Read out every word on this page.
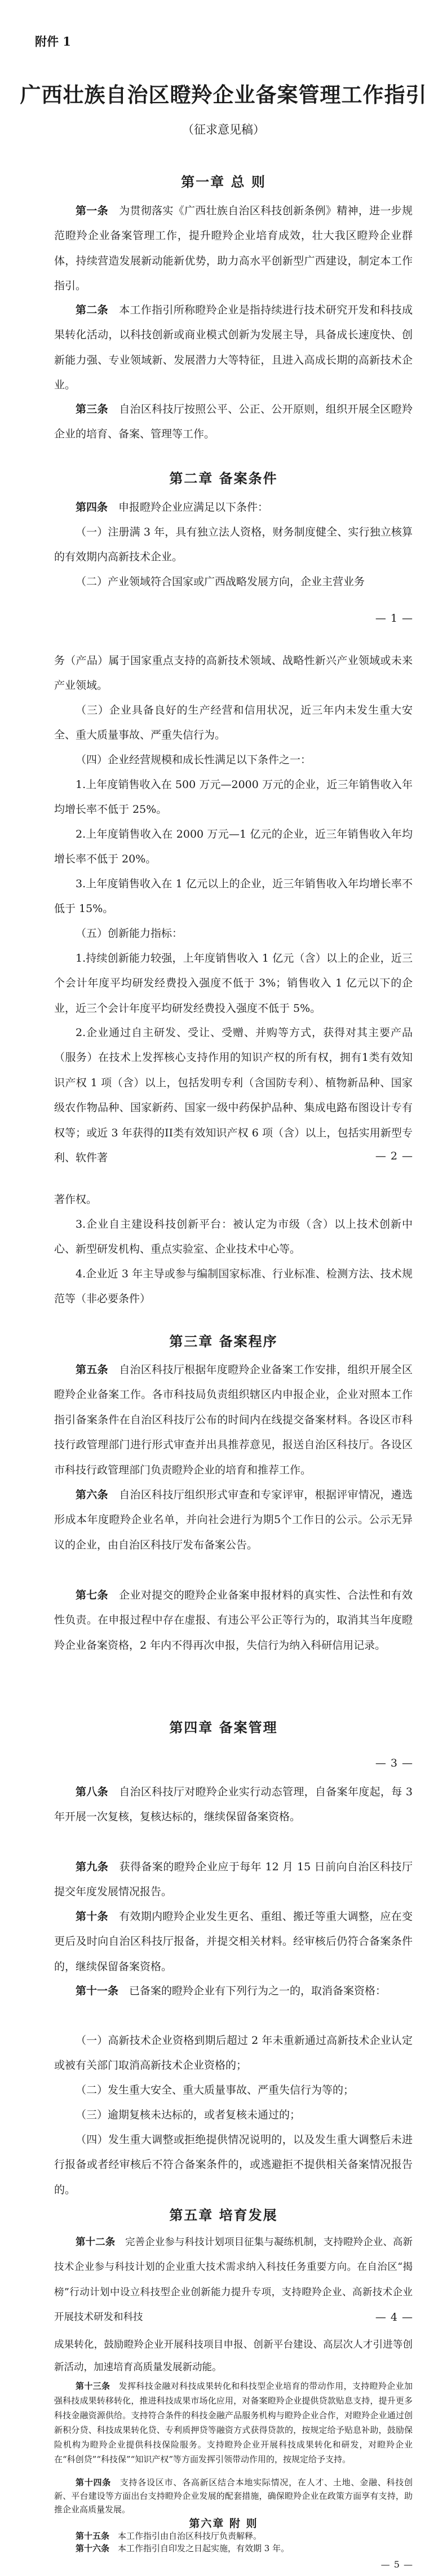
附件 1
广西壮族自治区瞪羚企业备案管理工作指引
（征求意见稿）
第一章 总 则

第一条　 为贯彻落实《广西壮族自治区科技创新条例》精神，进一步规范瞪羚企业备案管理工作，提升瞪羚企业培育成效，壮大我区瞪羚企业群体，持续营造发展新动能新优势，助力高水平创新型广西建设，制定本工作指引。

第二条　 本工作指引所称瞪羚企业是指持续进行技术研究开发和科技成果转化活动，以科技创新或商业模式创新为发展主导，具备成长速度快、创新能力强、专业领域新、发展潜力大等特征，且进入高成长期的高新技术企业。

第三条　 自治区科技厅按照公平、公正、公开原则，组织开展全区瞪羚企业的培育、备案、管理等工作。

第二章 备案条件

第四条　 申报瞪羚企业应满足以下条件：

（一）注册满 3 年，具有独立法人资格，财务制度健全、实行独立核算的有效期内高新技术企业。

（二）产业领域符合国家或广西战略发展方向，企业主营业务

— 1 —

务（产品）属于国家重点支持的高新技术领域、战略性新兴产业领域或未来产业领域。

（三）企业具备良好的生产经营和信用状况，近三年内未发生重大安全、重大质量事故、严重失信行为。

（四）企业经营规模和成长性满足以下条件之一：

1.上年度销售收入在 500 万元—2000 万元的企业，近三年销售收入年均增长率不低于 25%。

2.上年度销售收入在 2000 万元—1 亿元的企业，近三年销售收入年均增长率不低于 20%。

3.上年度销售收入在 1 亿元以上的企业，近三年销售收入年均增长率不低于 15%。

（五）创新能力指标：

1.持续创新能力较强，上年度销售收入 1 亿元（含）以上的企业，近三个会计年度平均研发经费投入强度不低于 3%；销售收入 1 亿元以下的企业，近三个会计年度平均研发经费投入强度不低于 5%。

2.企业通过自主研发、受让、受赠、并购等方式，获得对其主要产品（服务）在技术上发挥核心支持作用的知识产权的所有权，拥有1类有效知识产权 1 项（含）以上，包括发明专利（含国防专利）、植物新品种、国家级农作物品种、国家新药、国家一级中药保护品种、集成电路布图设计专有权等；或近 3 年获得的II类有效知识产权 6 项（含）以上，包括实用新型专利、软件著	— 2 —

著作权。

3.企业自主建设科技创新平台：被认定为市级（含）以上技术创新中心、新型研发机构、重点实验室、企业技术中心等。

4.企业近 3 年主导或参与编制国家标准、行业标准、检测方法、技术规范等（非必要条件）

第三章 备案程序

第五条　 自治区科技厅根据年度瞪羚企业备案工作安排，组织开展全区瞪羚企业备案工作。各市科技局负责组织辖区内申报企业，企业对照本工作指引备案条件在自治区科技厅公布的时间内在线提交备案材料。各设区市科技行政管理部门进行形式审查并出具推荐意见，报送自治区科技厅。各设区市科技行政管理部门负责瞪羚企业的培育和推荐工作。

第六条　 自治区科技厅组织形式审查和专家评审，根据评审情况，遴选形成本年度瞪羚企业名单，并向社会进行为期5个工作日的公示。公示无异议的企业，由自治区科技厅发布备案公告。

第七条　 企业对提交的瞪羚企业备案申报材料的真实性、合法性和有效性负责。在申报过程中存在虚报、有违公平公正等行为的，取消其当年度瞪羚企业备案资格，2 年内不得再次申报，失信行为纳入科研信用记录。

第四章 备案管理
— 3 —

第八条　 自治区科技厅对瞪羚企业实行动态管理，自备案年度起，每 3 年开展一次复核，复核达标的，继续保留备案资格。

第九条　 获得备案的瞪羚企业应于每年 12 月 15 日前向自治区科技厅提交年度发展情况报告。

第十条　 有效期内瞪羚企业发生更名、重组、搬迁等重大调整，应在变更后及时向自治区科技厅报备，并提交相关材料。经审核后仍符合备案条件的，继续保留备案资格。

第十一条　 已备案的瞪羚企业有下列行为之一的，取消备案资格：

（一）高新技术企业资格到期后超过 2 年未重新通过高新技术企业认定或被有关部门取消高新技术企业资格的；

（二）发生重大安全、重大质量事故、严重失信行为等的；

（三）逾期复核未达标的，或者复核未通过的；

（四）发生重大调整或拒绝提供情况说明的，以及发生重大调整后未进行报备或者经审核后不符合备案条件的，或逃避拒不提供相关备案情况报告的。

第五章 培育发展

第十二条　 完善企业参与科技计划项目征集与凝练机制，支持瞪羚企业、高新技术企业参与科技计划的企业重大技术需求纳入科技任务重要方向。在自治区“揭榜”行动计划中设立科技型企业创新能力提升专项，支持瞪羚企业、高新技术企业开展技术研发和科技	— 4 —

成果转化，鼓励瞪羚企业开展科技项目申报、创新平台建设、高层次人才引进等创新活动，加速培育高质量发展新动能。

第十三条　 发挥科技金融对科技成果转化和科技型企业培育的带动作用，支持瞪羚企业加强科技成果转移转化，推进科技成果市场化应用，对备案瞪羚企业提供贷款贴息支持，提升更多科技金融资源供给。支持符合条件的科技金融产品服务机构与瞪羚企业合作，对瞪羚企业通过创新积分贷、科技成果转化贷、专利质押贷等融资方式获得贷款的，按规定给予贴息补助，鼓励保险机构为瞪羚企业提供科技保险服务。支持瞪羚企业开展科技成果转化和研发，对瞪羚企业在“科创贷”“科技保”“知识产权”等方面发挥引领带动作用的，按规定给予支持。

第十四条　 支持各设区市、各高新区结合本地实际情况，在人才、土地、金融、科技创新、平台建设等方面出台支持瞪羚企业发展的配套措施，确保瞪羚企业在政策方面享有支持，助推企业高质量发展。

第六章 附 则

第十五条　 本工作指引由自治区科技厅负责解释。

第十六条　 本工作指引自印发之日起实施，有效期 3 年。

— 5 —
